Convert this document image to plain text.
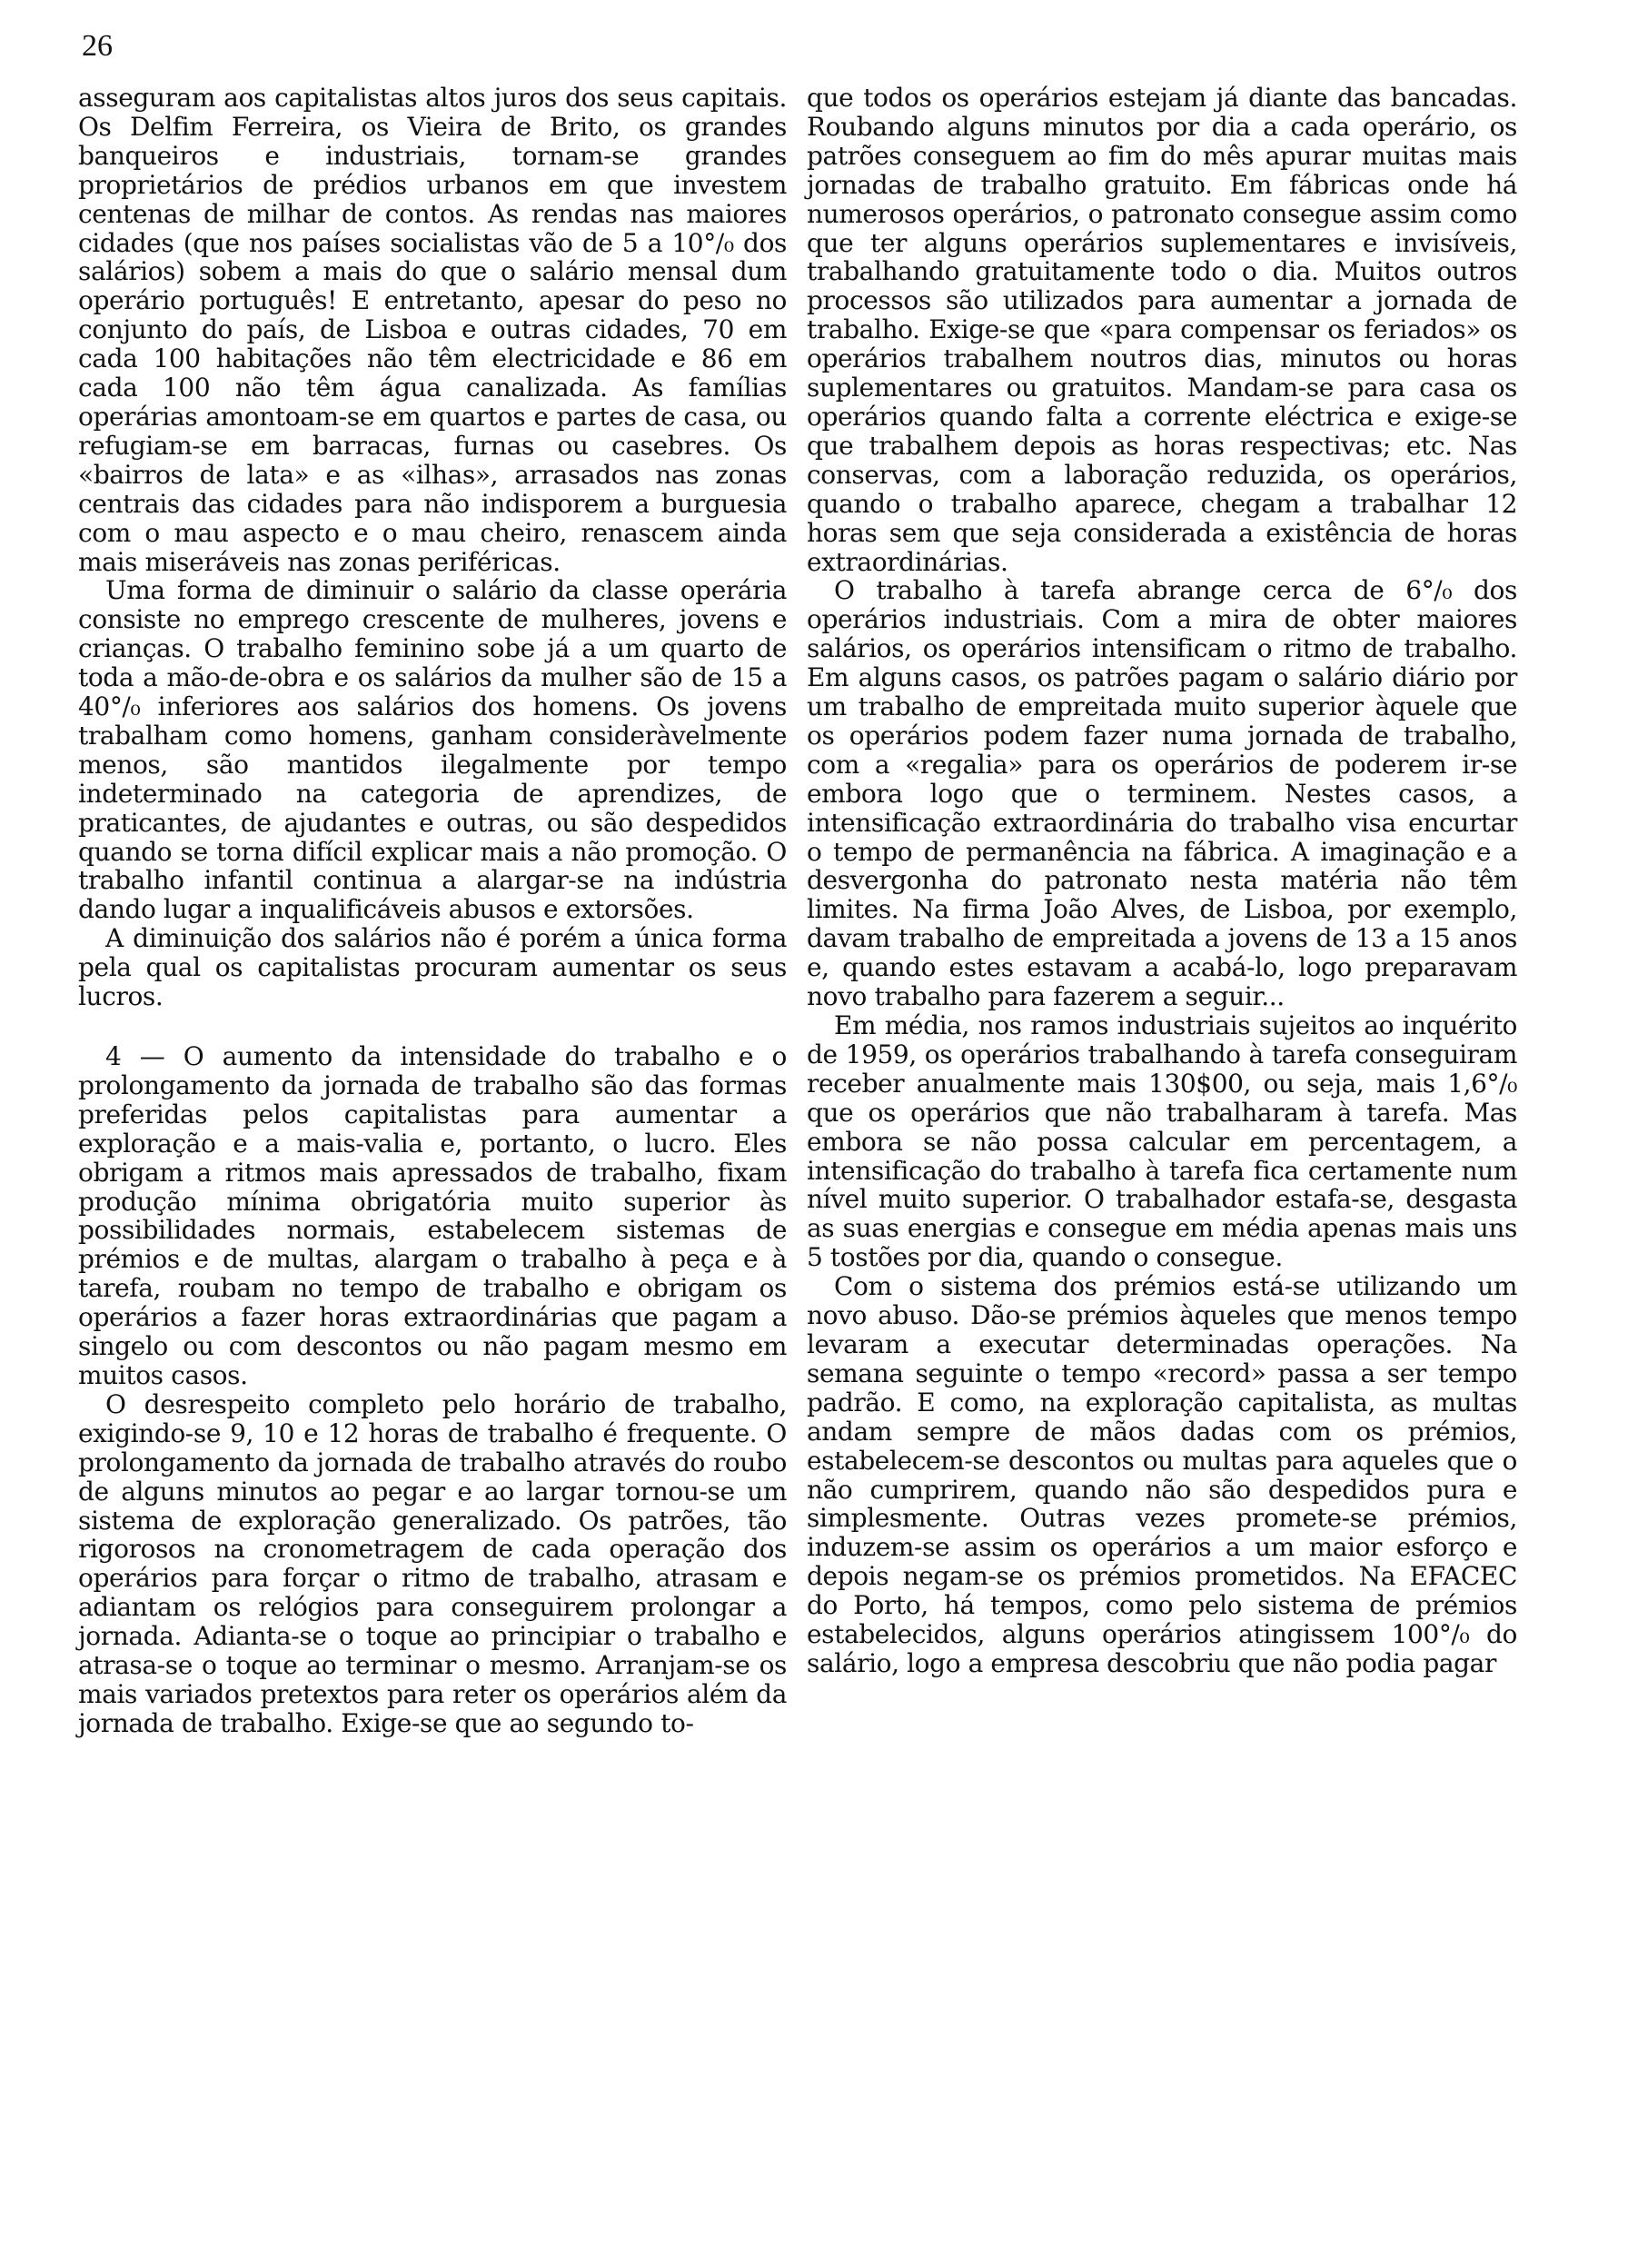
26

asseguram aos capitalistas altos juros dos seus capitais. Os Delfim Ferreira, os Vieira de Brito, os grandes banqueiros e industriais, tornam-se grandes proprietários de prédios urbanos em que investem centenas de milhar de contos. As rendas nas maiores cidades (que nos países socialistas vão de 5 a 10°/₀ dos salários) sobem a mais do que o salário mensal dum operário português! E entretanto, apesar do peso no conjunto do país, de Lisboa e outras cidades, 70 em cada 100 habitações não têm electricidade e 86 em cada 100 não têm água canalizada. As famílias operárias amontoam-se em quartos e partes de casa, ou refugiam-se em barracas, furnas ou casebres. Os «bairros de lata» e as «ilhas», arrasados nas zonas centrais das cidades para não indisporem a burguesia com o mau aspecto e o mau cheiro, renascem ainda mais miseráveis nas zonas periféricas.

Uma forma de diminuir o salário da classe operária consiste no emprego crescente de mulheres, jovens e crianças. O trabalho feminino sobe já a um quarto de toda a mão-de-obra e os salários da mulher são de 15 a 40°/₀ inferiores aos salários dos homens. Os jovens trabalham como homens, ganham consideràvelmente menos, são mantidos ilegalmente por tempo indeterminado na categoria de aprendizes, de praticantes, de ajudantes e outras, ou são despedidos quando se torna difícil explicar mais a não promoção. O trabalho infantil continua a alargar-se na indústria dando lugar a inqualificáveis abusos e extorsões.

A diminuição dos salários não é porém a única forma pela qual os capitalistas procuram aumentar os seus lucros.

4 — O aumento da intensidade do trabalho e o prolongamento da jornada de trabalho são das formas preferidas pelos capitalistas para aumentar a exploração e a mais-valia e, portanto, o lucro. Eles obrigam a ritmos mais apressados de trabalho, fixam produção mínima obrigatória muito superior às possibilidades normais, estabelecem sistemas de prémios e de multas, alargam o trabalho à peça e à tarefa, roubam no tempo de trabalho e obrigam os operários a fazer horas extraordinárias que pagam a singelo ou com descontos ou não pagam mesmo em muitos casos.

O desrespeito completo pelo horário de trabalho, exigindo-se 9, 10 e 12 horas de trabalho é frequente. O prolongamento da jornada de trabalho através do roubo de alguns minutos ao pegar e ao largar tornou-se um sistema de exploração generalizado. Os patrões, tão rigorosos na cronometragem de cada operação dos operários para forçar o ritmo de trabalho, atrasam e adiantam os relógios para conseguirem prolongar a jornada. Adianta-se o toque ao principiar o trabalho e atrasa-se o toque ao terminar o mesmo. Arranjam-se os mais variados pretextos para reter os operários além da jornada de trabalho. Exige-se que ao segundo to-

que todos os operários estejam já diante das bancadas. Roubando alguns minutos por dia a cada operário, os patrões conseguem ao fim do mês apurar muitas mais jornadas de trabalho gratuito. Em fábricas onde há numerosos operários, o patronato consegue assim como que ter alguns operários suplementares e invisíveis, trabalhando gratuitamente todo o dia. Muitos outros processos são utilizados para aumentar a jornada de trabalho. Exige-se que «para compensar os feriados» os operários trabalhem noutros dias, minutos ou horas suplementares ou gratuitos. Mandam-se para casa os operários quando falta a corrente eléctrica e exige-se que trabalhem depois as horas respectivas; etc. Nas conservas, com a laboração reduzida, os operários, quando o trabalho aparece, chegam a trabalhar 12 horas sem que seja considerada a existência de horas extraordinárias.

O trabalho à tarefa abrange cerca de 6°/₀ dos operários industriais. Com a mira de obter maiores salários, os operários intensificam o ritmo de trabalho. Em alguns casos, os patrões pagam o salário diário por um trabalho de empreitada muito superior àquele que os operários podem fazer numa jornada de trabalho, com a «regalia» para os operários de poderem ir-se embora logo que o terminem. Nestes casos, a intensificação extraordinária do trabalho visa encurtar o tempo de permanência na fábrica. A imaginação e a desvergonha do patronato nesta matéria não têm limites. Na firma João Alves, de Lisboa, por exemplo, davam trabalho de empreitada a jovens de 13 a 15 anos e, quando estes estavam a acabá-lo, logo preparavam novo trabalho para fazerem a seguir...

Em média, nos ramos industriais sujeitos ao inquérito de 1959, os operários trabalhando à tarefa conseguiram receber anualmente mais 130$00, ou seja, mais 1,6°/₀ que os operários que não trabalharam à tarefa. Mas embora se não possa calcular em percentagem, a intensificação do trabalho à tarefa fica certamente num nível muito superior. O trabalhador estafa-se, desgasta as suas energias e consegue em média apenas mais uns 5 tostões por dia, quando o consegue.

Com o sistema dos prémios está-se utilizando um novo abuso. Dão-se prémios àqueles que menos tempo levaram a executar determinadas operações. Na semana seguinte o tempo «record» passa a ser tempo padrão. E como, na exploração capitalista, as multas andam sempre de mãos dadas com os prémios, estabelecem-se descontos ou multas para aqueles que o não cumprirem, quando não são despedidos pura e simplesmente. Outras vezes promete-se prémios, induzem-se assim os operários a um maior esforço e depois negam-se os prémios prometidos. Na EFACEC do Porto, há tempos, como pelo sistema de prémios estabelecidos, alguns operários atingissem 100°/₀ do salário, logo a empresa descobriu que não podia pagar
